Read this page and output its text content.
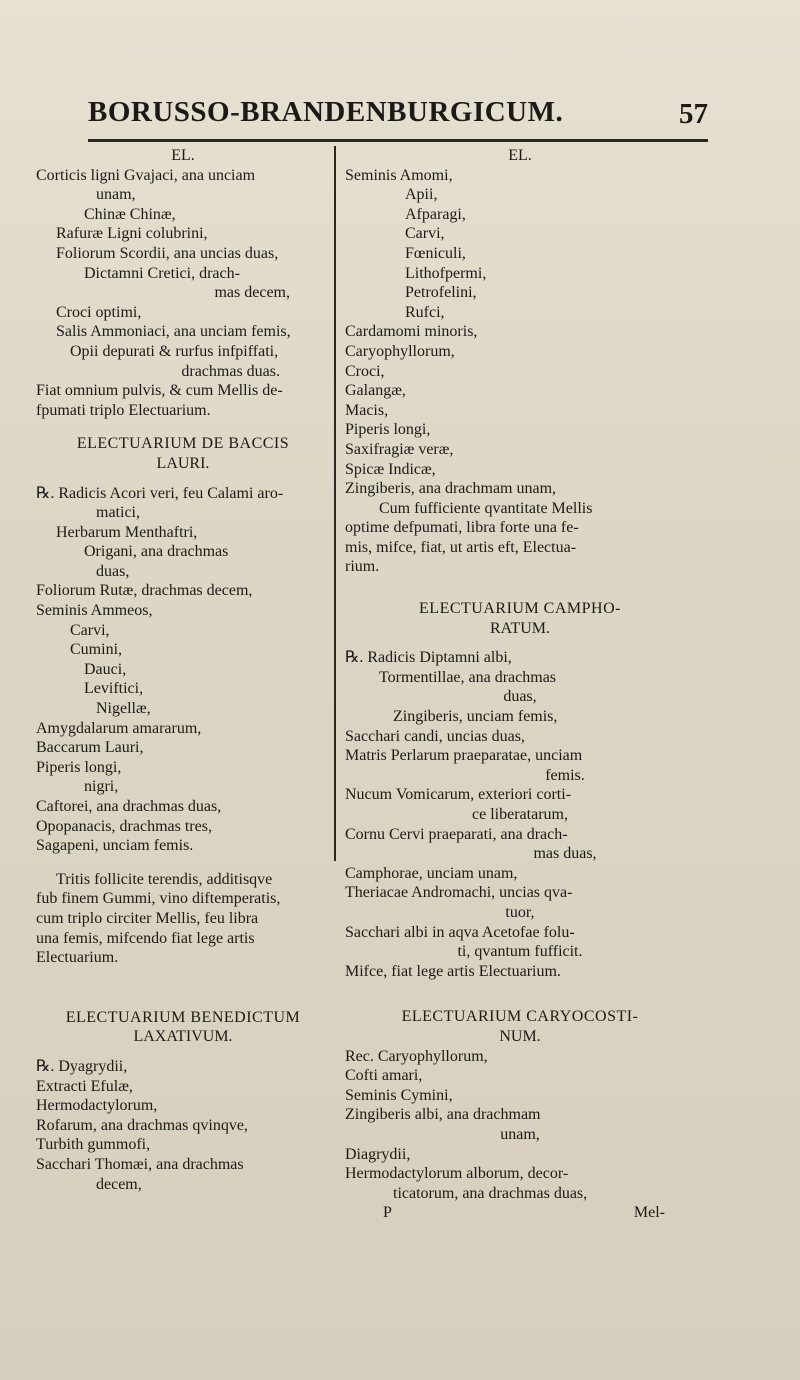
BORUSSO-BRANDENBURGICUM.	57
EL.
Corticis ligni Gvajaci, ana unciam
unam,
Chinæ Chinæ,
Rafuræ Ligni colubrini,
Foliorum Scordii, ana uncias duas,
Dictamni Cretici, drach-
mas decem,
Croci optimi,
Salis Ammoniaci, ana unciam femis,
Opii depurati & rurfus infpiffati,
drachmas duas.
Fiat omnium pulvis, & cum Mellis de-
fpumati triplo Electuarium.
ELECTUARIUM DE BACCIS
LAURI.
℞. Radicis Acori veri, feu Calami aro-
matici,
Herbarum Menthaftri,
Origani, ana drachmas
duas,
Foliorum Rutæ, drachmas decem,
Seminis Ammeos,
Carvi,
Cumini,
Dauci,
Leviftici,
Nigellæ,
Amygdalarum amararum,
Baccarum Lauri,
Piperis longi,
nigri,
Caftorei, ana drachmas duas,
Opopanacis, drachmas tres,
Sagapeni, unciam femis.
Tritis follicite terendis, additisqve
fub finem Gummi, vino diftemperatis,
cum triplo circiter Mellis, feu libra
una femis, mifcendo fiat lege artis
Electuarium.
ELECTUARIUM BENEDICTUM
LAXATIVUM.
℞. Dyagrydii,
Extracti Efulæ,
Hermodactylorum,
Rofarum, ana drachmas qvinqve,
Turbith gummofi,
Sacchari Thomæi, ana drachmas
decem,
EL.
Seminis Amomi,
Apii,
Afparagi,
Carvi,
Fœniculi,
Lithofpermi,
Petrofelini,
Rufci,
Cardamomi minoris,
Caryophyllorum,
Croci,
Galangæ,
Macis,
Piperis longi,
Saxifragiæ veræ,
Spicæ Indicæ,
Zingiberis, ana drachmam unam,
Cum fufficiente qvantitate Mellis
optime defpumati, libra forte una fe-
mis, mifce, fiat, ut artis eft, Electua-
rium.
ELECTUARIUM CAMPHO-
RATUM.
℞. Radicis Diptamni albi,
Tormentillae, ana drachmas
duas,
Zingiberis, unciam femis,
Sacchari candi, uncias duas,
Matris Perlarum praeparatae, unciam
femis.
Nucum Vomicarum, exteriori corti-
ce liberatarum,
Cornu Cervi praeparati, ana drach-
mas duas,
Camphorae, unciam unam,
Theriacae Andromachi, uncias qva-
tuor,
Sacchari albi in aqva Acetofae folu-
ti, qvantum fufficit.
Mifce, fiat lege artis Electuarium.
ELECTUARIUM CARYOCOSTI-
NUM.
Rec. Caryophyllorum,
Cofti amari,
Seminis Cymini,
Zingiberis albi, ana drachmam
unam,
Diagrydii,
Hermodactylorum alborum, decor-
ticatorum, ana drachmas duas,
P	Mel-
